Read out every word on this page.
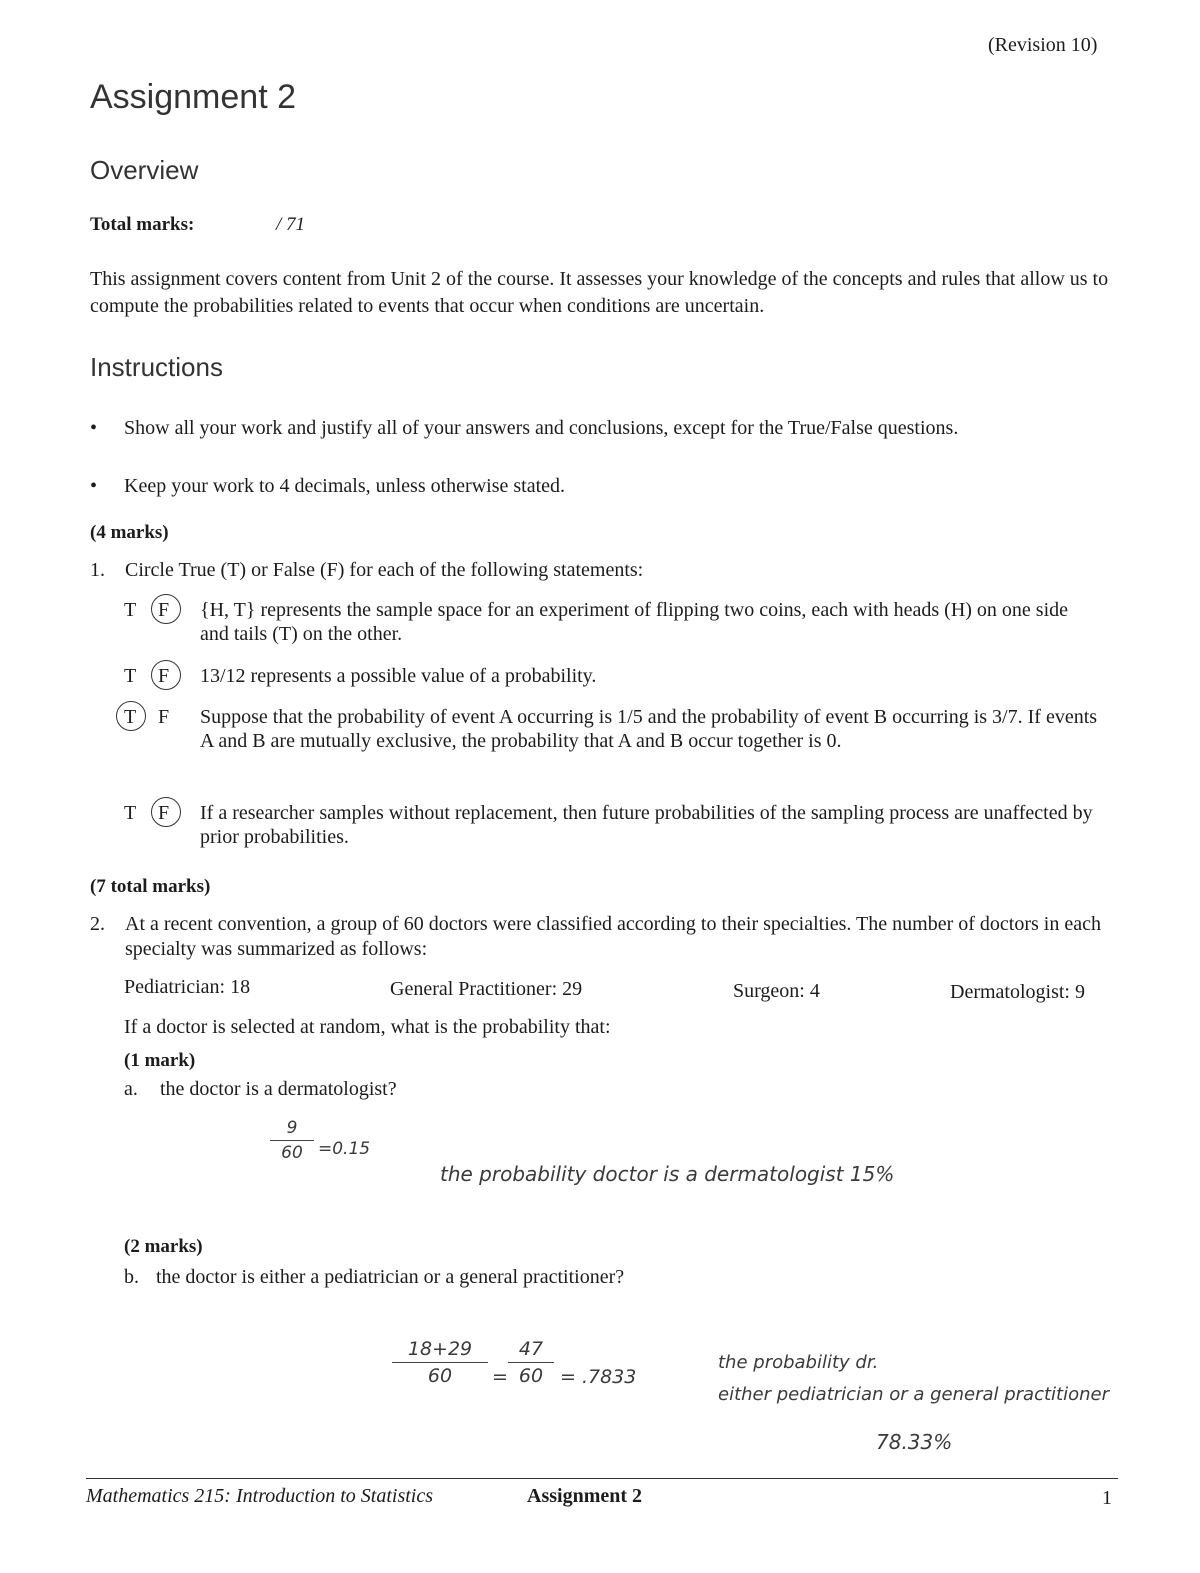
(Revision 10)
Assignment 2
Overview
Total marks:	/ 71
This assignment covers content from Unit 2 of the course. It assesses your knowledge of the concepts and rules that allow us to compute the probabilities related to events that occur when conditions are uncertain.
Instructions
• Show all your work and justify all of your answers and conclusions, except for the True/False questions.
• Keep your work to 4 decimals, unless otherwise stated.
(4 marks)
1. Circle True (T) or False (F) for each of the following statements:
T F {H, T} represents the sample space for an experiment of flipping two coins, each with heads (H) on one side and tails (T) on the other.
T F 13/12 represents a possible value of a probability.
T F Suppose that the probability of event A occurring is 1/5 and the probability of event B occurring is 3/7. If events A and B are mutually exclusive, the probability that A and B occur together is 0.
T F If a researcher samples without replacement, then future probabilities of the sampling process are unaffected by prior probabilities.
(7 total marks)
2. At a recent convention, a group of 60 doctors were classified according to their specialties. The number of doctors in each specialty was summarized as follows:
Pediatrician: 18	General Practitioner: 29	Surgeon: 4	Dermatologist: 9
If a doctor is selected at random, what is the probability that:
(1 mark)
a. the doctor is a dermatologist?
9
60 =0.15
the probability doctor is a dermatologist 15%
(2 marks)
b. the doctor is either a pediatrician or a general practitioner?
18+29
60	=
47
60 = .7833
the probability dr.
either pediatrician or a general practitioner
78.33%
Mathematics 215: Introduction to Statistics	Assignment 2	1
